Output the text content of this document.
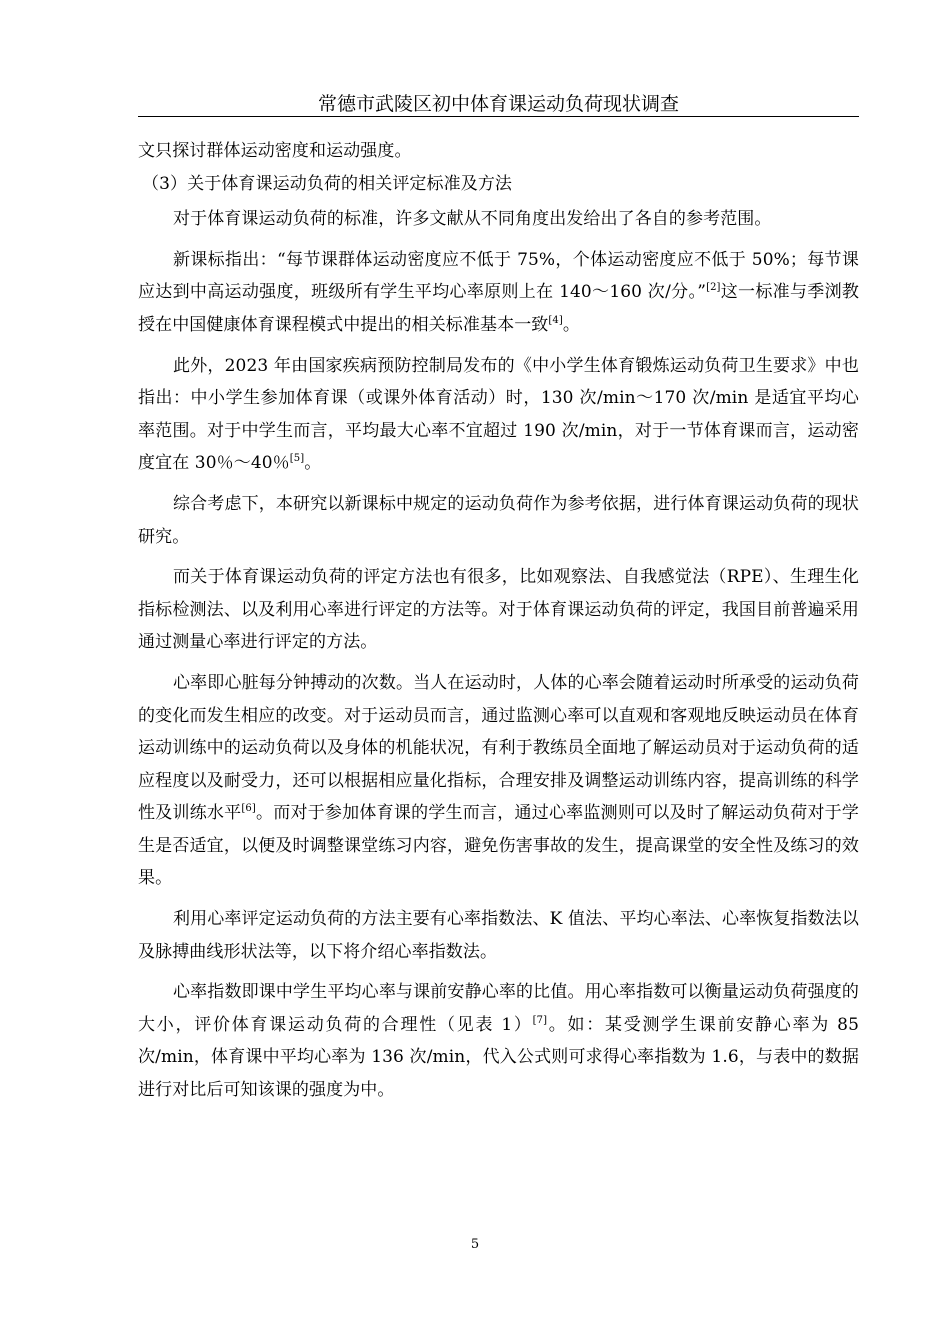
常德市武陵区初中体育课运动负荷现状调查

文只探讨群体运动密度和运动强度。

（3）关于体育课运动负荷的相关评定标准及方法

对于体育课运动负荷的标准，许多文献从不同角度出发给出了各自的参考范围。

新课标指出：“每节课群体运动密度应不低于 75%，个体运动密度应不低于 50%；每节课应达到中高运动强度，班级所有学生平均心率原则上在 140～160 次/分。”[2]这一标准与季浏教授在中国健康体育课程模式中提出的相关标准基本一致[4]。

此外，2023 年由国家疾病预防控制局发布的《中小学生体育锻炼运动负荷卫生要求》中也指出：中小学生参加体育课（或课外体育活动）时，130 次/min～170 次/min 是适宜平均心率范围。对于中学生而言，平均最大心率不宜超过 190 次/min，对于一节体育课而言，运动密度宜在 30％～40％[5]。

综合考虑下，本研究以新课标中规定的运动负荷作为参考依据，进行体育课运动负荷的现状研究。

而关于体育课运动负荷的评定方法也有很多，比如观察法、自我感觉法（RPE）、生理生化指标检测法、以及利用心率进行评定的方法等。对于体育课运动负荷的评定，我国目前普遍采用通过测量心率进行评定的方法。

心率即心脏每分钟搏动的次数。当人在运动时，人体的心率会随着运动时所承受的运动负荷的变化而发生相应的改变。对于运动员而言，通过监测心率可以直观和客观地反映运动员在体育运动训练中的运动负荷以及身体的机能状况，有利于教练员全面地了解运动员对于运动负荷的适应程度以及耐受力，还可以根据相应量化指标，合理安排及调整运动训练内容，提高训练的科学性及训练水平[6]。而对于参加体育课的学生而言，通过心率监测则可以及时了解运动负荷对于学生是否适宜，以便及时调整课堂练习内容，避免伤害事故的发生，提高课堂的安全性及练习的效果。

利用心率评定运动负荷的方法主要有心率指数法、K 值法、平均心率法、心率恢复指数法以及脉搏曲线形状法等，以下将介绍心率指数法。

心率指数即课中学生平均心率与课前安静心率的比值。用心率指数可以衡量运动负荷强度的大小，评价体育课运动负荷的合理性（见表 1）[7]。如：某受测学生课前安静心率为 85 次/min，体育课中平均心率为 136 次/min，代入公式则可求得心率指数为 1.6，与表中的数据进行对比后可知该课的强度为中。

5
